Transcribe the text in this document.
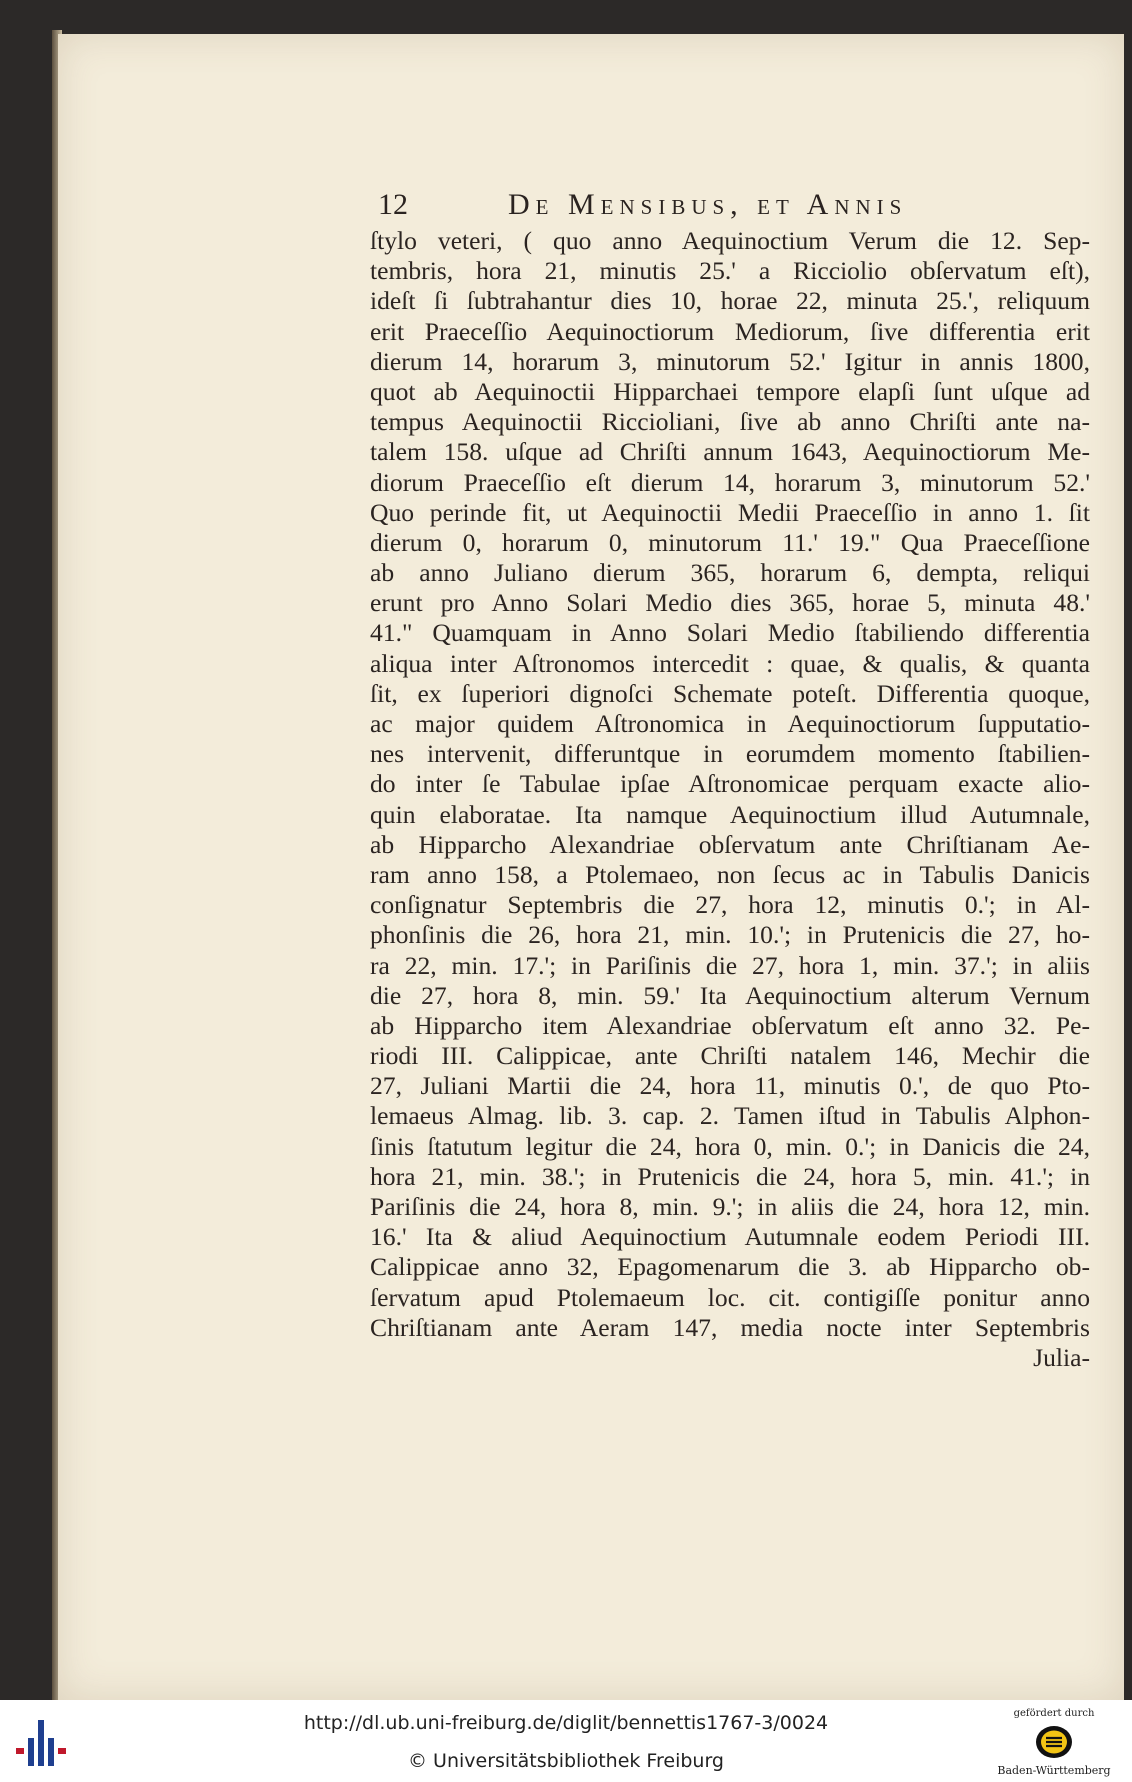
12	De Mensibus, et Annis
ſtylo veteri, ( quo anno Aequinoctium Verum die 12. Sep-
tembris, hora 21, minutis 25.' a Ricciolio obſervatum eſt),
ideſt ſi ſubtrahantur dies 10, horae 22, minuta 25.', reliquum
erit Praeceſſio Aequinoctiorum Mediorum, ſive differentia erit
dierum 14, horarum 3, minutorum 52.' Igitur in annis 1800,
quot ab Aequinoctii Hipparchaei tempore elapſi ſunt uſque ad
tempus Aequinoctii Riccioliani, ſive ab anno Chriſti ante na-
talem 158. uſque ad Chriſti annum 1643, Aequinoctiorum Me-
diorum Praeceſſio eſt dierum 14, horarum 3, minutorum 52.'
Quo perinde fit, ut Aequinoctii Medii Praeceſſio in anno 1. ſit
dierum 0, horarum 0, minutorum 11.' 19." Qua Praeceſſione
ab anno Juliano dierum 365, horarum 6, dempta, reliqui
erunt pro Anno Solari Medio dies 365, horae 5, minuta 48.'
41." Quamquam in Anno Solari Medio ſtabiliendo differentia
aliqua inter Aſtronomos intercedit : quae, & qualis, & quanta
ſit, ex ſuperiori dignoſci Schemate poteſt. Differentia quoque,
ac major quidem Aſtronomica in Aequinoctiorum ſupputatio-
nes intervenit, differuntque in eorumdem momento ſtabilien-
do inter ſe Tabulae ipſae Aſtronomicae perquam exacte alio-
quin elaboratae. Ita namque Aequinoctium illud Autumnale,
ab Hipparcho Alexandriae obſervatum ante Chriſtianam Ae-
ram anno 158, a Ptolemaeo, non ſecus ac in Tabulis Danicis
conſignatur Septembris die 27, hora 12, minutis 0.'; in Al-
phonſinis die 26, hora 21, min. 10.'; in Prutenicis die 27, ho-
ra 22, min. 17.'; in Pariſinis die 27, hora 1, min. 37.'; in aliis
die 27, hora 8, min. 59.' Ita Aequinoctium alterum Vernum
ab Hipparcho item Alexandriae obſervatum eſt anno 32. Pe-
riodi III. Calippicae, ante Chriſti natalem 146, Mechir die
27, Juliani Martii die 24, hora 11, minutis 0.', de quo Pto-
lemaeus Almag. lib. 3. cap. 2. Tamen iſtud in Tabulis Alphon-
ſinis ſtatutum legitur die 24, hora 0, min. 0.'; in Danicis die 24,
hora 21, min. 38.'; in Prutenicis die 24, hora 5, min. 41.'; in
Pariſinis die 24, hora 8, min. 9.'; in aliis die 24, hora 12, min.
16.' Ita & aliud Aequinoctium Autumnale eodem Periodi III.
Calippicae anno 32, Epagomenarum die 3. ab Hipparcho ob-
ſervatum apud Ptolemaeum loc. cit. contigiſſe ponitur anno
Chriſtianam ante Aeram 147, media nocte inter Septembris
Julia-
http://dl.ub.uni-freiburg.de/diglit/bennettis1767-3/0024
© Universitätsbibliothek Freiburg
gefördert durch
Baden-Württemberg
